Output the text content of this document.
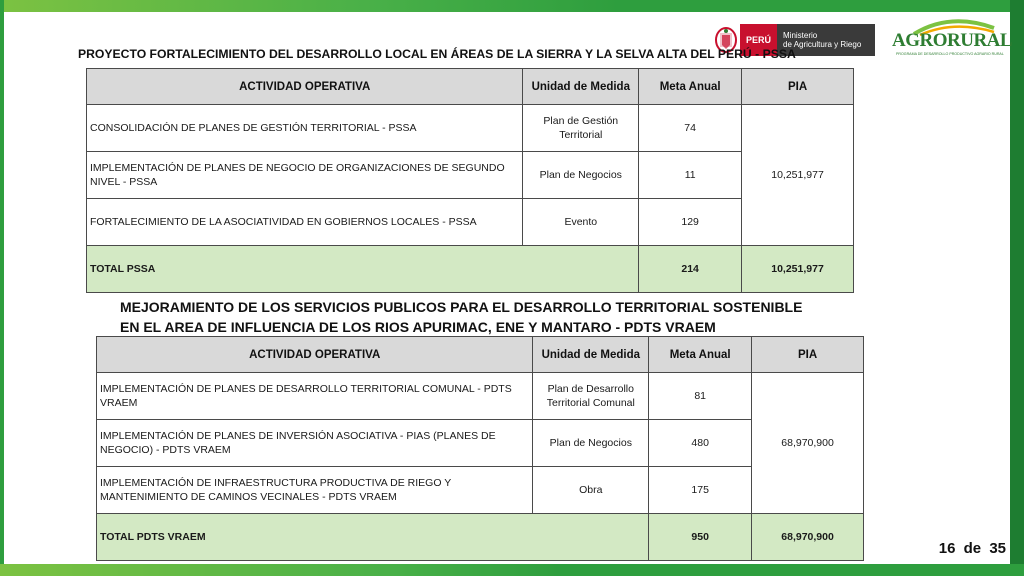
PERÚ	Ministerio
de Agricultura y Riego	AGRORURAL
PROGRAMA DE DESARROLLO PRODUCTIVO AGRARIO RURAL
PROYECTO FORTALECIMIENTO DEL DESARROLLO LOCAL EN ÁREAS DE LA SIERRA Y LA SELVA ALTA DEL PERÚ - PSSA
ACTIVIDAD OPERATIVA	Unidad de Medida	Meta Anual	PIA
CONSOLIDACIÓN DE PLANES DE GESTIÓN TERRITORIAL - PSSA	Plan de Gestión Territorial	74	10,251,977
IMPLEMENTACIÓN DE PLANES DE NEGOCIO DE ORGANIZACIONES DE SEGUNDO NIVEL - PSSA	Plan de Negocios	11	
FORTALECIMIENTO DE LA ASOCIATIVIDAD EN GOBIERNOS LOCALES - PSSA	Evento	129	
TOTAL PSSA		214	10,251,977
MEJORAMIENTO DE LOS SERVICIOS PUBLICOS PARA EL DESARROLLO TERRITORIAL SOSTENIBLE EN EL AREA DE INFLUENCIA DE LOS RIOS APURIMAC, ENE Y MANTARO - PDTS VRAEM
ACTIVIDAD OPERATIVA	Unidad de Medida	Meta Anual	PIA
IMPLEMENTACIÓN DE PLANES DE DESARROLLO TERRITORIAL COMUNAL - PDTS VRAEM	Plan de Desarrollo Territorial Comunal	81	68,970,900
IMPLEMENTACIÓN DE PLANES DE INVERSIÓN ASOCIATIVA - PIAS (PLANES DE NEGOCIO) - PDTS VRAEM	Plan de Negocios	480	
IMPLEMENTACIÓN DE INFRAESTRUCTURA PRODUCTIVA DE RIEGO Y MANTENIMIENTO DE CAMINOS VECINALES - PDTS VRAEM	Obra	175	
TOTAL PDTS VRAEM		950	68,970,900
16 de 35
